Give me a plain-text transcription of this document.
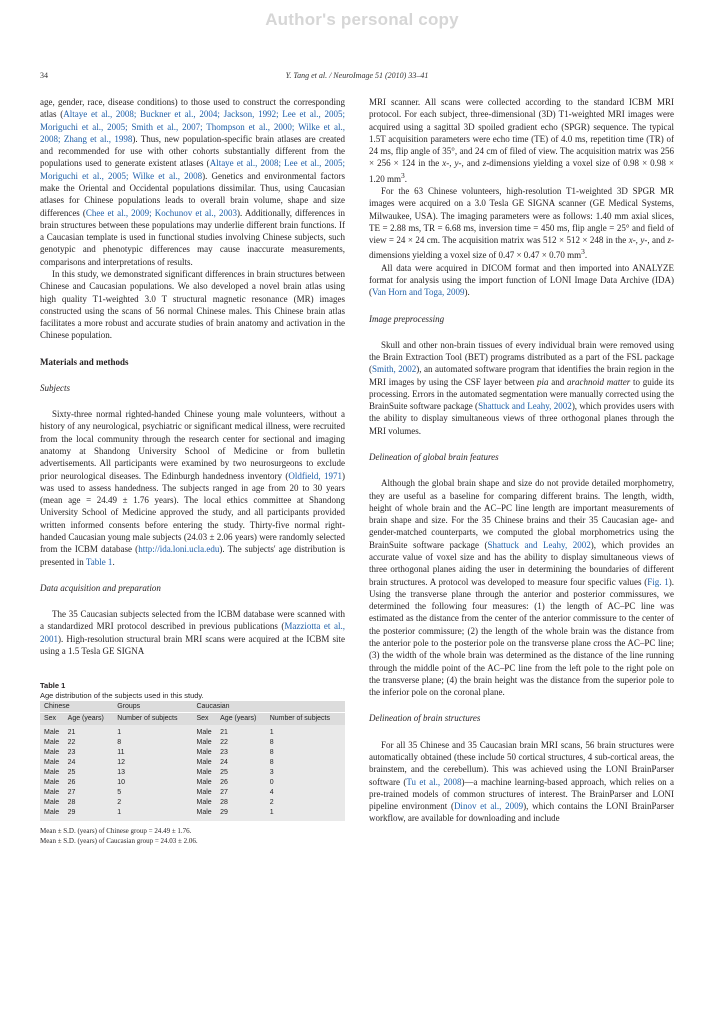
Author's personal copy
34	Y. Tang et al. / NeuroImage 51 (2010) 33–41

age, gender, race, disease conditions) to those used to construct the corresponding atlas (Altaye et al., 2008; Buckner et al., 2004; Jackson, 1992; Lee et al., 2005; Moriguchi et al., 2005; Smith et al., 2007; Thompson et al., 2000; Wilke et al., 2008; Zhang et al., 1998). Thus, new population-specific brain atlases are created and recommended for use with other cohorts substantially different from the populations used to generate existent atlases (Altaye et al., 2008; Lee et al., 2005; Moriguchi et al., 2005; Wilke et al., 2008). Genetics and environmental factors make the Oriental and Occidental populations dissimilar. Thus, using Caucasian atlases for Chinese populations leads to overall brain volume, shape and size differences (Chee et al., 2009; Kochunov et al., 2003). Additionally, differences in brain structures between these populations may underlie different brain functions. If a Caucasian template is used in functional studies involving Chinese subjects, such genotypic and phenotypic differences may cause inaccurate measurements, comparisons and interpretations of results.

In this study, we demonstrated significant differences in brain structures between Chinese and Caucasian populations. We also developed a novel brain atlas using high quality T1-weighted 3.0 T structural magnetic resonance (MR) images constructed using the scans of 56 normal Chinese males. This Chinese brain atlas facilitates a more robust and accurate studies of brain anatomy and activation in the Chinese population.

Materials and methods

Subjects

Sixty-three normal righted-handed Chinese young male volunteers, without a history of any neurological, psychiatric or significant medical illness, were recruited from the local community through the research center for sectional and imaging anatomy at Shandong University School of Medicine or from bulletin advertisements. All participants were examined by two neurosurgeons to exclude prior neurological diseases. The Edinburgh handedness inventory (Oldfield, 1971) was used to assess handedness. The subjects ranged in age from 20 to 30 years (mean age = 24.49 ± 1.76 years). The local ethics committee at Shandong University School of Medicine approved the study, and all participants provided written informed consents before entering the study. Thirty-five normal right-handed Caucasian young male subjects (24.03 ± 2.06 years) were randomly selected from the ICBM database (http://ida.loni.ucla.edu). The subjects' age distribution is presented in Table 1.

Data acquisition and preparation

The 35 Caucasian subjects selected from the ICBM database were scanned with a standardized MRI protocol described in previous publications (Mazziotta et al., 2001). High-resolution structural brain MRI scans were acquired at the ICBM site using a 1.5 Tesla GE SIGNA

Table 1

Age distribution of the subjects used in this study.

Chinese		Groups	Caucasian		
Sex	Age (years)	Number of subjects	Sex	Age (years)	Number of subjects
Male	21	1	Male	21	1
Male	22	8	Male	22	8
Male	23	11	Male	23	8
Male	24	12	Male	24	8
Male	25	13	Male	25	3
Male	26	10	Male	26	0
Male	27	5	Male	27	4
Male	28	2	Male	28	2
Male	29	1	Male	29	1

Mean ± S.D. (years) of Chinese group = 24.49 ± 1.76.

Mean ± S.D. (years) of Caucasian group = 24.03 ± 2.06.

MRI scanner. All scans were collected according to the standard ICBM MRI protocol. For each subject, three-dimensional (3D) T1-weighted MRI images were acquired using a sagittal 3D spoiled gradient echo (SPGR) sequence. The typical 1.5T acquisition parameters were echo time (TE) of 4.0 ms, repetition time (TR) of 24 ms, flip angle of 35°, and 24 cm of filed of view. The acquisition matrix was 256 × 256 × 124 in the x-, y-, and z-dimensions yielding a voxel size of 0.98 × 0.98 × 1.20 $mm^3$.

For the 63 Chinese volunteers, high-resolution T1-weighted 3D SPGR MR images were acquired on a 3.0 Tesla GE SIGNA scanner (GE Medical Systems, Milwaukee, USA). The imaging parameters were as follows: 1.40 mm axial slices, TE = 2.88 ms, TR = 6.68 ms, inversion time = 450 ms, flip angle = 25° and field of view = 24 × 24 cm. The acquisition matrix was 512 × 512 × 248 in the x-, y-, and z-dimensions yielding a voxel size of 0.47 × 0.47 × 0.70 $mm^3$.

All data were acquired in DICOM format and then imported into ANALYZE format for analysis using the import function of LONI Image Data Archive (IDA) (Van Horn and Toga, 2009).

Image preprocessing

Skull and other non-brain tissues of every individual brain were removed using the Brain Extraction Tool (BET) programs distributed as a part of the FSL package (Smith, 2002), an automated software program that identifies the brain region in the MRI images by using the CSF layer between pia and arachnoid matter to guide its processing. Errors in the automated segmentation were manually corrected using the BrainSuite software package (Shattuck and Leahy, 2002), which provides users with the ability to display simultaneous views of three orthogonal planes through the MRI volumes.

Delineation of global brain features

Although the global brain shape and size do not provide detailed morphometry, they are useful as a baseline for comparing different brains. The length, width, height of whole brain and the AC–PC line length are important measurements of brain shape and size. For the 35 Chinese brains and their 35 Caucasian age- and gender-matched counterparts, we computed the global morphometrics using the BrainSuite software package (Shattuck and Leahy, 2002), which provides an accurate value of voxel size and has the ability to display simultaneous views of three orthogonal planes aiding the user in determining the boundaries of different brain structures. A protocol was developed to measure four specific values (Fig. 1). Using the transverse plane through the anterior and posterior commissures, we determined the following four measures: (1) the length of AC–PC line was estimated as the distance from the center of the anterior commissure to the center of the posterior commissure; (2) the length of the whole brain was the distance from the anterior pole to the posterior pole on the transverse plane cross the AC–PC line; (3) the width of the whole brain was determined as the distance of the line running through the middle point of the AC–PC line from the left pole to the right pole on the transverse plane; (4) the brain height was the distance from the superior pole to the inferior pole on the coronal plane.

Delineation of brain structures

For all 35 Chinese and 35 Caucasian brain MRI scans, 56 brain structures were automatically obtained (these include 50 cortical structures, 4 sub-cortical areas, the brainstem, and the cerebellum). This was achieved using the LONI BrainParser software (Tu et al., 2008)—a machine learning-based approach, which relies on a pre-trained models of common structures of interest. The BrainParser and LONI pipeline environment (Dinov et al., 2009), which contains the LONI BrainParser workflow, are available for downloading and include
